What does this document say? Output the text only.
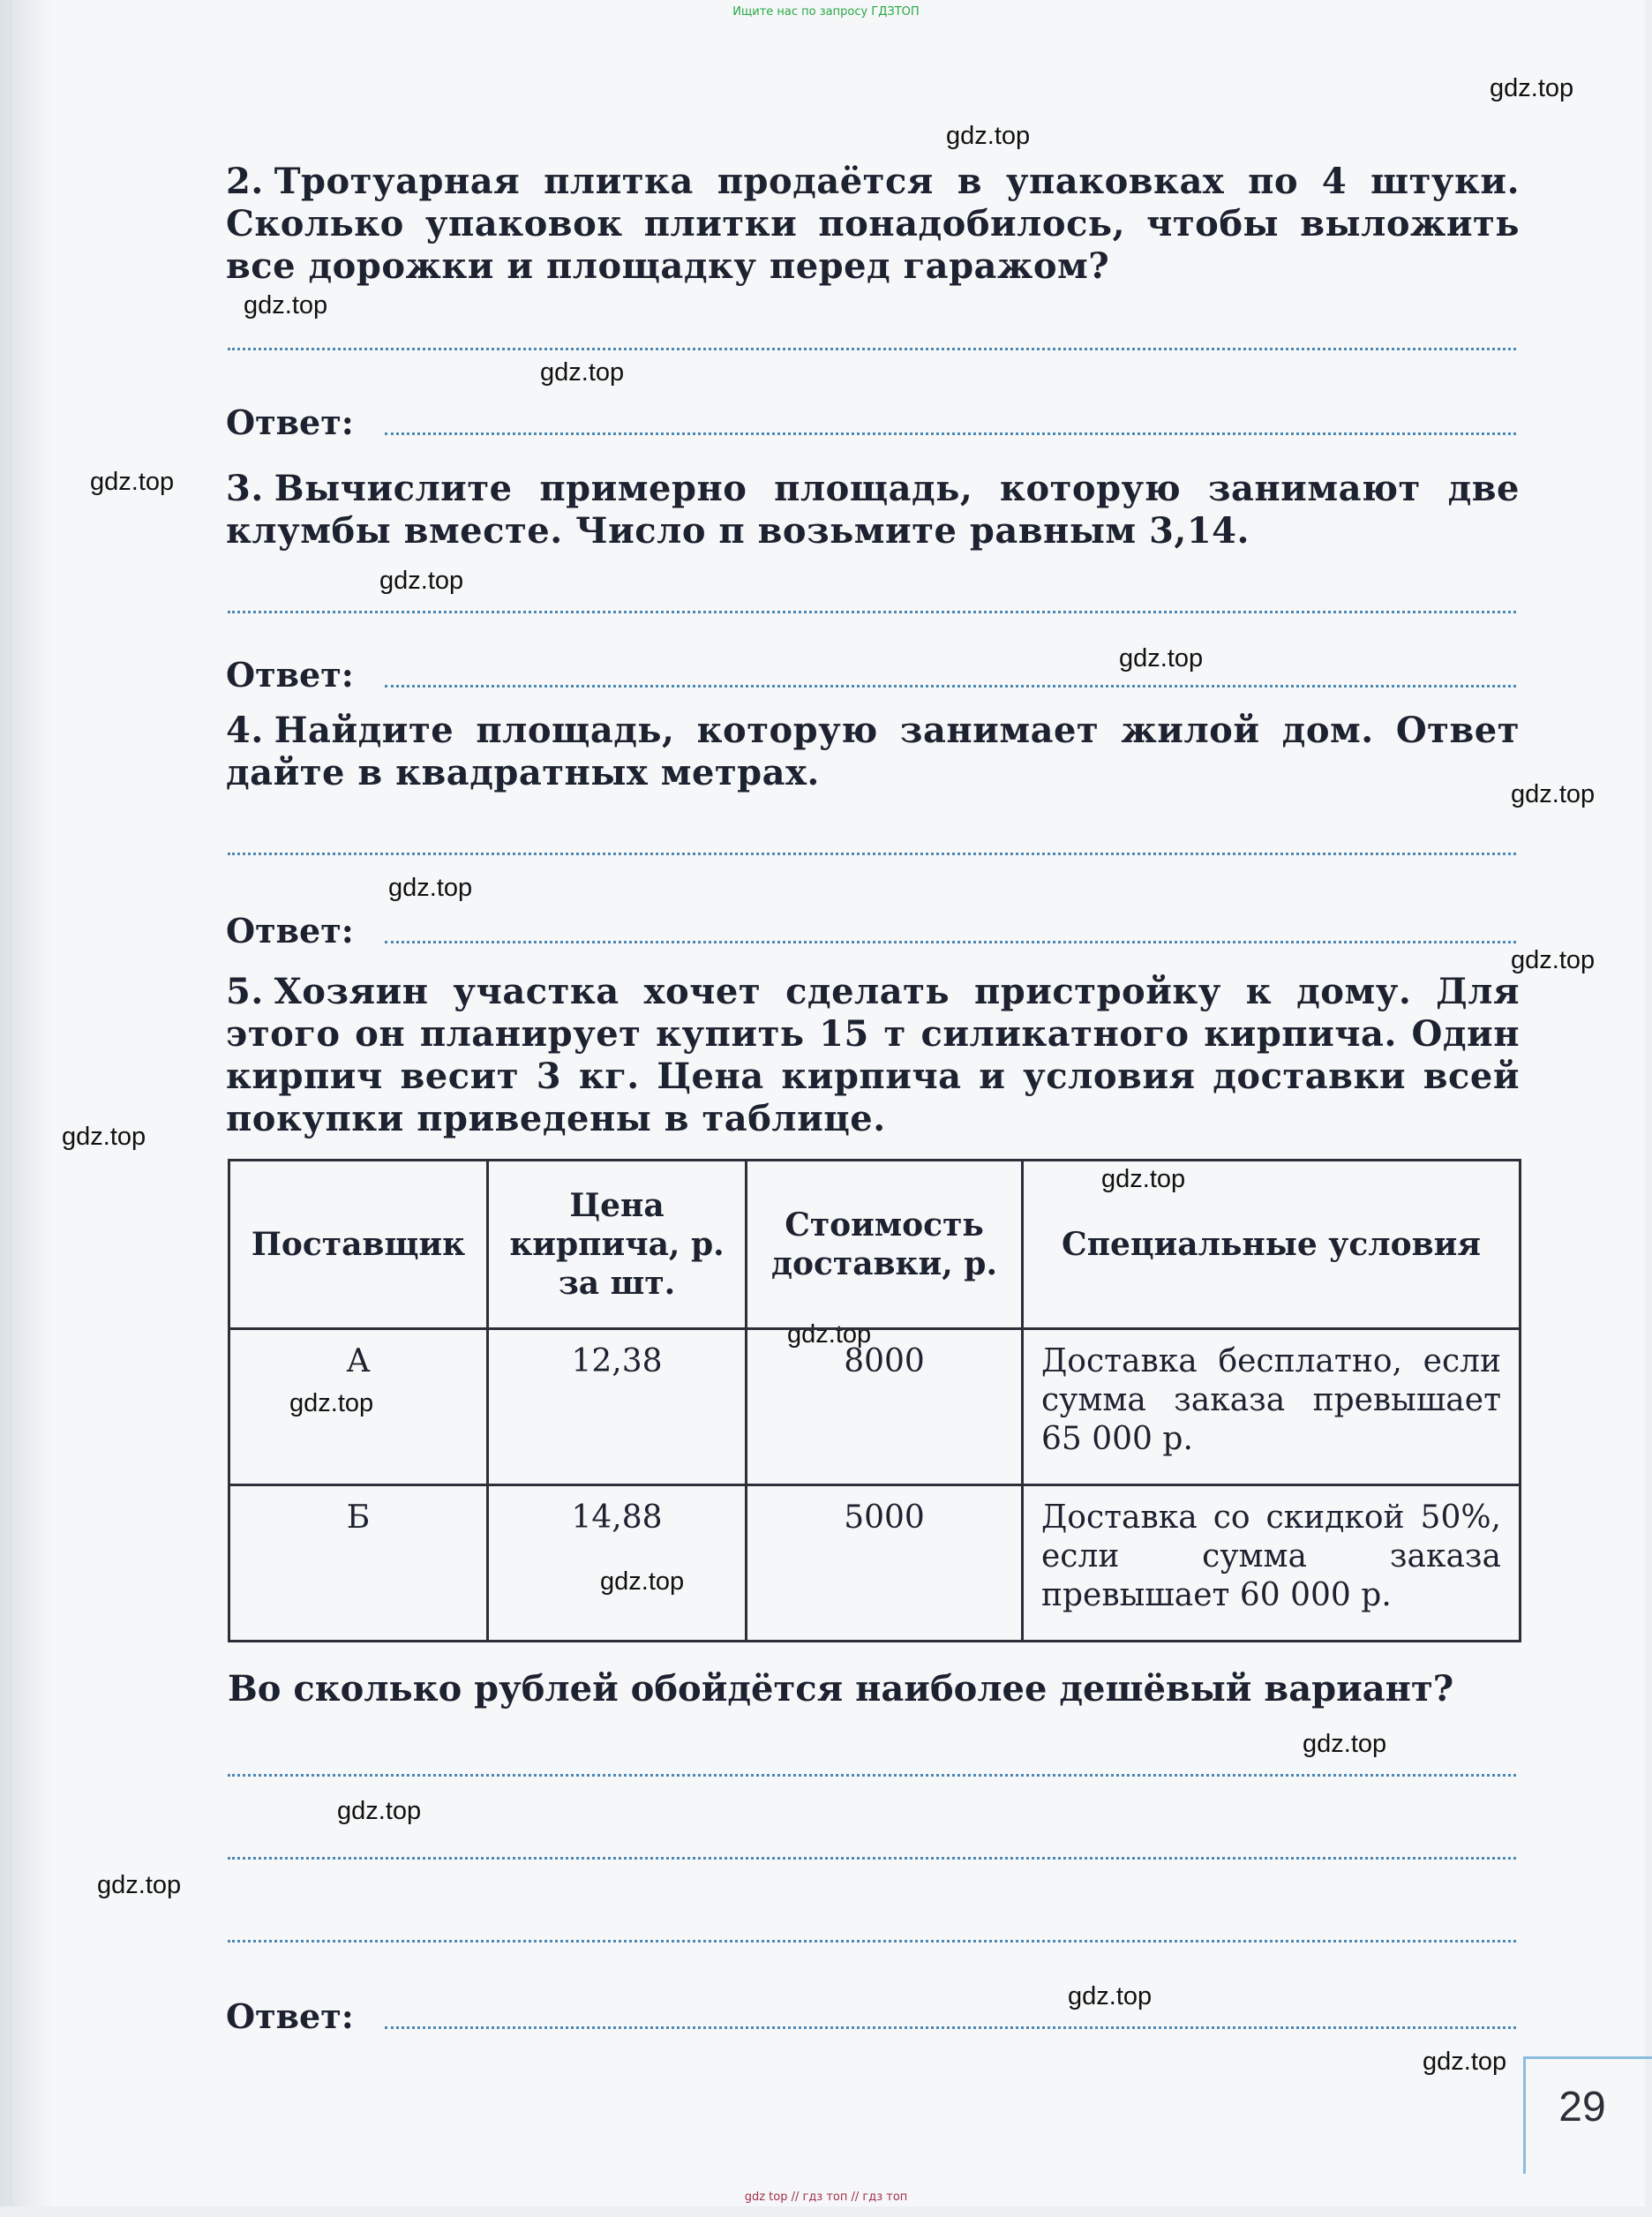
Ищите нас по запросу ГДЗТОП
gdz.top
gdz.top
gdz.top
gdz.top
gdz.top
gdz.top
gdz.top
gdz.top
gdz.top
gdz.top
gdz.top
gdz.top
gdz.top
gdz.top
gdz.top
gdz.top
gdz.top
gdz.top
gdz.top
gdz.top
2. Тротуарная плитка продаётся в упаковках по 4 штуки. Сколько упаковок плитки понадобилось, чтобы выложить все дорожки и площадку перед гаражом?
Ответ:
3. Вычислите примерно площадь, которую занимают две клумбы вместе. Число π возьмите равным 3,14.
Ответ:
4. Найдите площадь, которую занимает жилой дом. Ответ дайте в квадратных метрах.
Ответ:
5. Хозяин участка хочет сделать пристройку к дому. Для этого он планирует купить 15 т силикатного кирпича. Один кирпич весит 3 кг. Цена кирпича и условия доставки всей покупки приведены в таблице.
Поставщик	Цена кирпича, р. за шт.	Стоимость доставки, р.	Специальные условия
А	12,38	8000	Доставка бесплатно, если сумма заказа превышает 65 000 р.
Б	14,88	5000	Доставка со скидкой 50%, если сумма заказа превышает 60 000 р.
Во сколько рублей обойдётся наиболее дешёвый вариант?
Ответ:
29
gdz top // гдз топ // гдз топ
